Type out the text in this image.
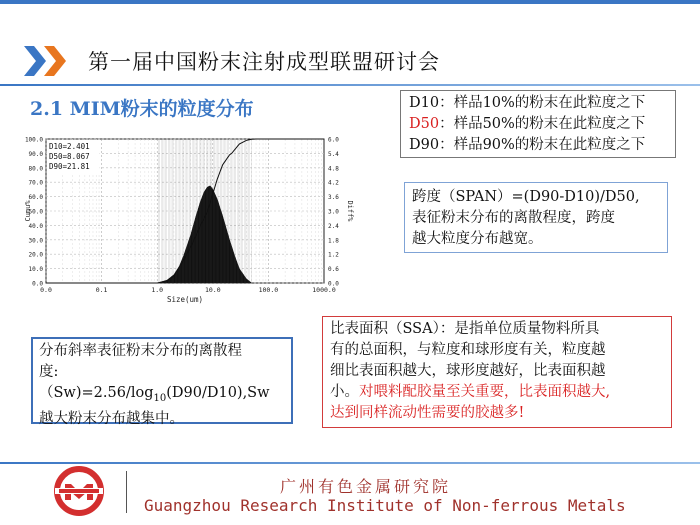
第一届中国粉末注射成型联盟研讨会
2.1 MIM粉末的粒度分布	D10：样品10%的粉末在此粒度之下
D50：样品50%的粉末在此粒度之下
D90：样品90%的粉末在此粒度之下
跨度（SPAN）=(D90-D10)/D50,
表征粉末分布的离散程度，跨度
越大粒度分布越宽。
分布斜率表征粉末分布的离散程
度:
$(Sw)=2.56/\log_{10}(D90/D10),Sw$
越大粉末分布越集中。
比表面积（SSA）：是指单位质量物料所具
有的总面积，与粒度和球形度有关，粒度越
细比表面积越大，球形度越好，比表面积越
小。对喂料配胶量至关重要，比表面积越大,
达到同样流动性需要的胶越多!
100.0	6.0
90.0	5.4
80.0	4.8
70.0	4.2
60.0	3.6
50.0	3.0
40.0	2.4
30.0	1.8
20.0	1.2
10.0	0.6
0.0	0.0
0.0	0.1	1.0	10.0	100.0	1000.0
D10=2.401
D50=8.067
D90=21.81
Size(um)
Cumu%	Diff%
广州有色金属研究院
Guangzhou Research Institute of Non-ferrous Metals
